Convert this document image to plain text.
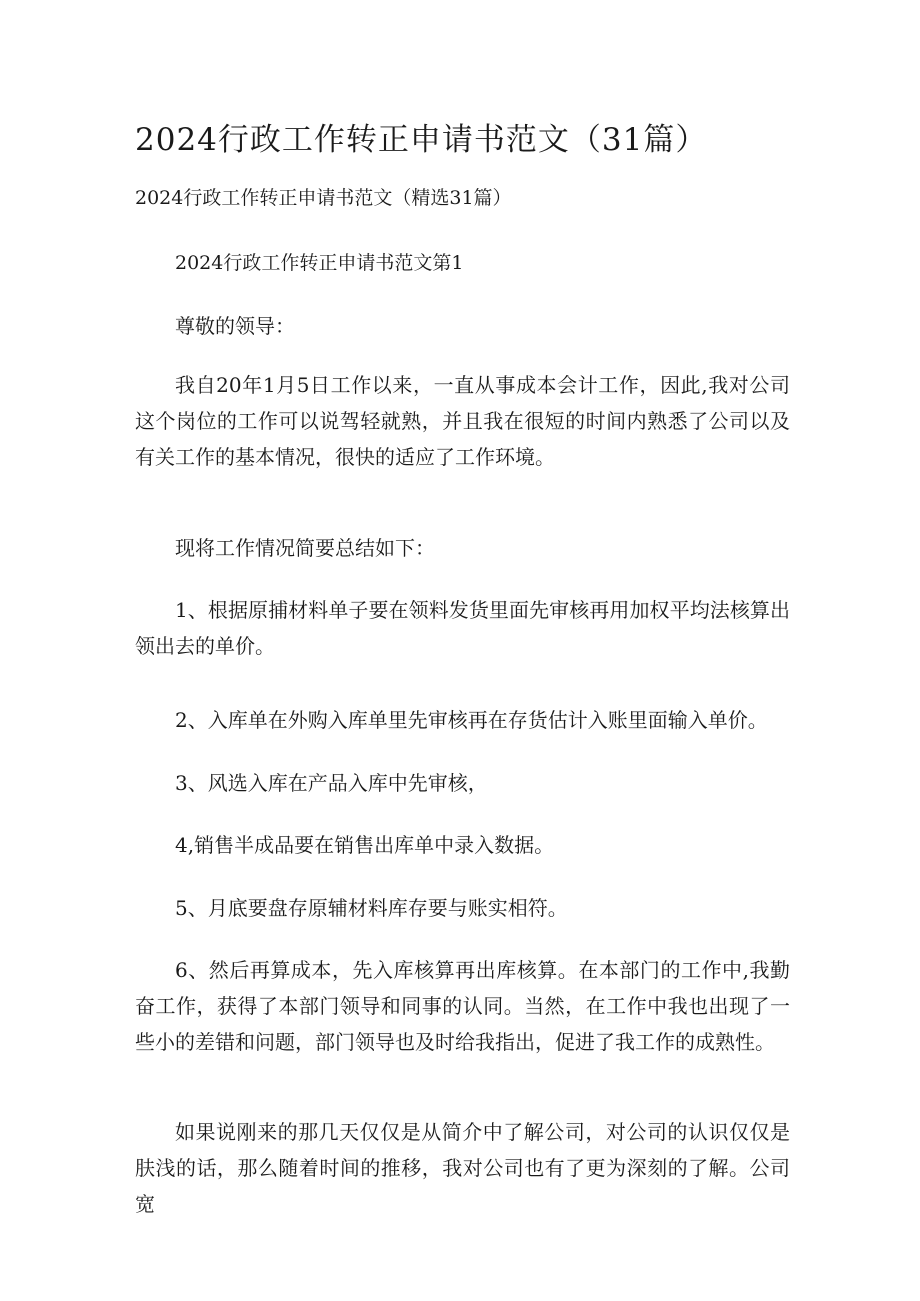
2024行政工作转正申请书范文（31篇）

2024行政工作转正申请书范文（精选31篇）

2024行政工作转正申请书范文第1

尊敬的领导：

我自20年1月5日工作以来，一直从事成本会计工作，因此,我对公司这个岗位的工作可以说驾轻就熟，并且我在很短的时间内熟悉了公司以及有关工作的基本情况，很快的适应了工作环境。

现将工作情况简要总结如下：

1、根据原捕材料单子要在领料发货里面先审核再用加权平均法核算出领出去的单价。

2、入库单在外购入库单里先审核再在存货估计入账里面输入单价。

3、风选入库在产品入库中先审核，

4,销售半成品要在销售出库单中录入数据。

5、月底要盘存原辅材料库存要与账实相符。

6、然后再算成本，先入库核算再出库核算。在本部门的工作中,我勤奋工作，获得了本部门领导和同事的认同。当然，在工作中我也出现了一些小的差错和问题，部门领导也及时给我指出，促进了我工作的成熟性。

如果说刚来的那几天仅仅是从简介中了解公司，对公司的认识仅仅是肤浅的话，那么随着时间的推移，我对公司也有了更为深刻的了解。公司宽
